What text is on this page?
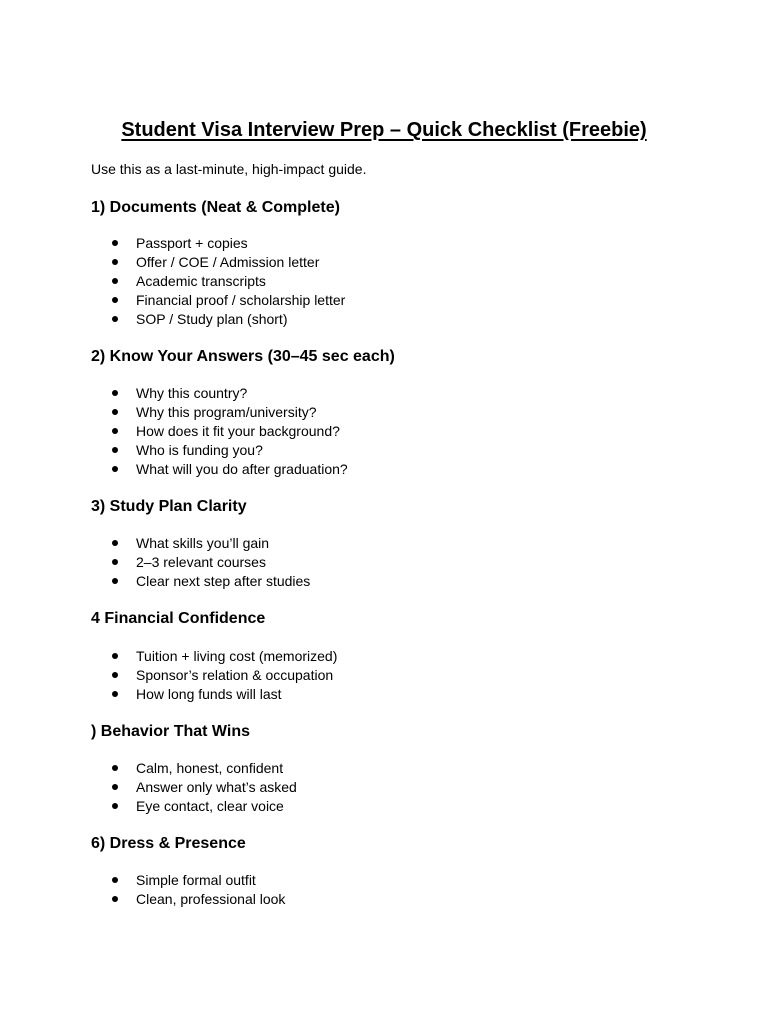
Student Visa Interview Prep – Quick Checklist (Freebie)

Use this as a last-minute, high-impact guide.

1) Documents (Neat & Complete)
Passport + copies
Offer / COE / Admission letter
Academic transcripts
Financial proof / scholarship letter
SOP / Study plan (short)
2) Know Your Answers (30–45 sec each)
Why this country?
Why this program/university?
How does it fit your background?
Who is funding you?
What will you do after graduation?
3) Study Plan Clarity
What skills you’ll gain
2–3 relevant courses
Clear next step after studies
4 Financial Confidence
Tuition + living cost (memorized)
Sponsor’s relation & occupation
How long funds will last
) Behavior That Wins
Calm, honest, confident
Answer only what’s asked
Eye contact, clear voice
6) Dress & Presence
Simple formal outfit
Clean, professional look
